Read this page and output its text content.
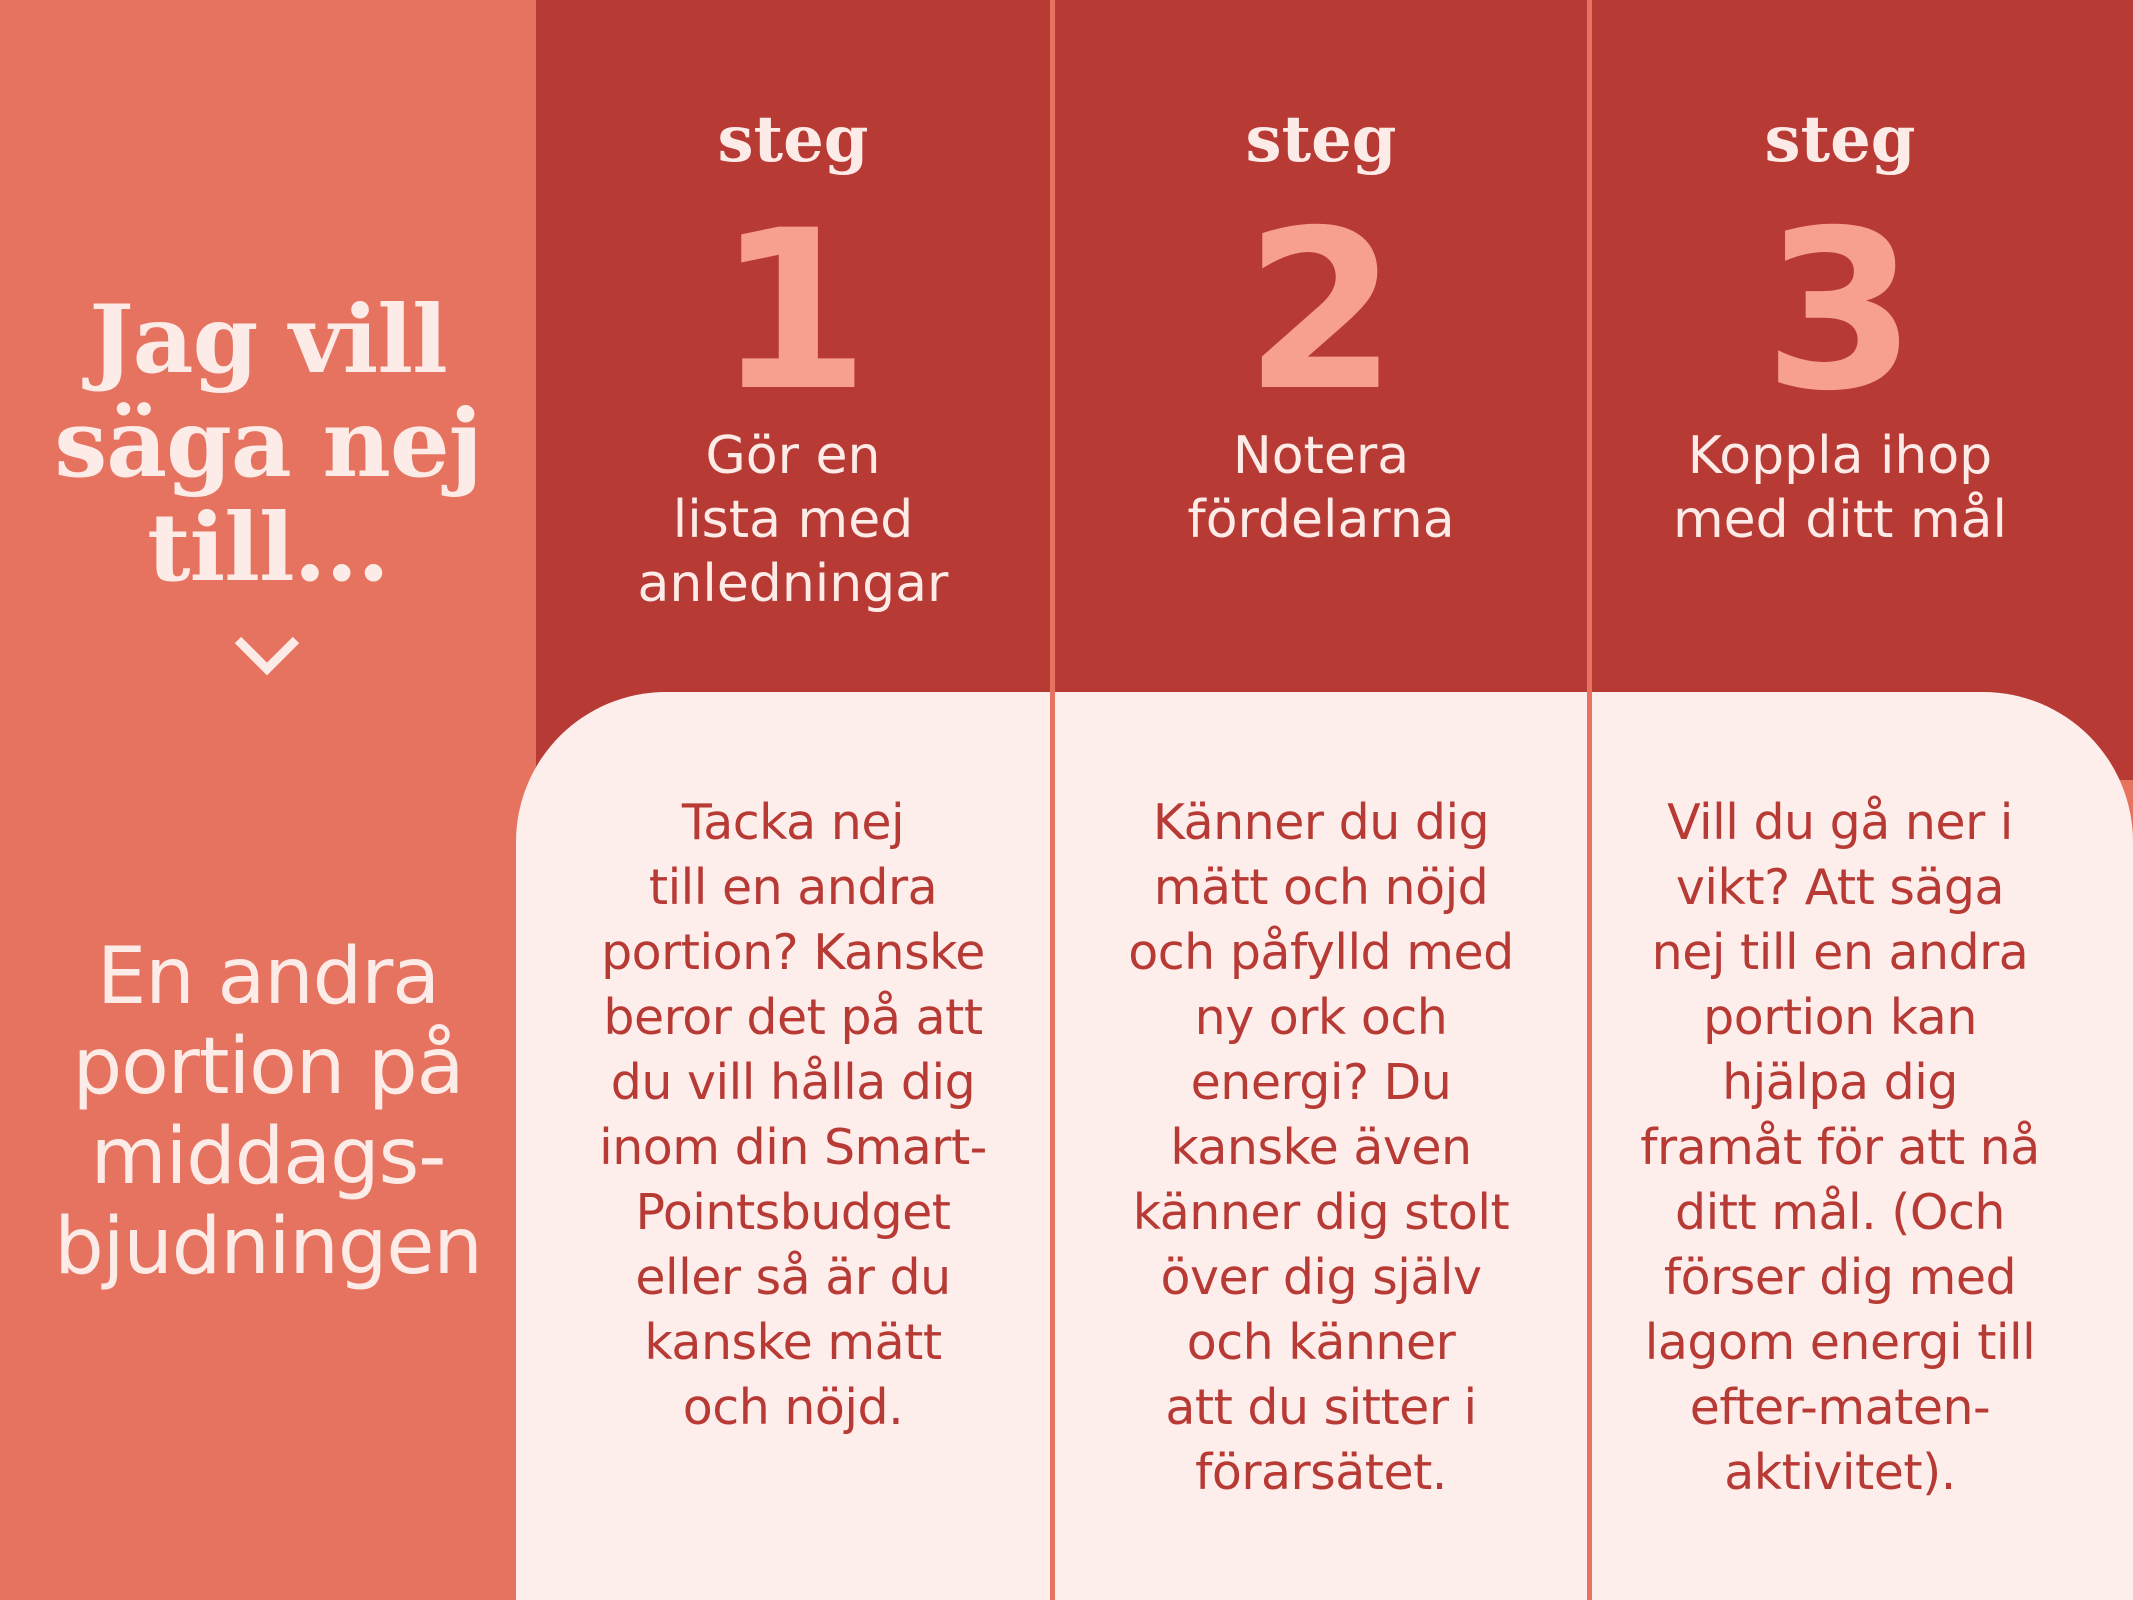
Jag vill
säga nej
till...
En andra
portion på
middags-
bjudningen
steg
1
Gör en
lista med
anledningar
steg
2
Notera
fördelarna
steg
3
Koppla ihop
med ditt mål
Tacka nej
till en andra
portion? Kanske
beror det på att
du vill hålla dig
inom din Smart-
Pointsbudget
eller så är du
kanske mätt
och nöjd.
Känner du dig
mätt och nöjd
och påfylld med
ny ork och
energi? Du
kanske även
känner dig stolt
över dig själv
och känner
att du sitter i
förarsätet.
Vill du gå ner i
vikt? Att säga
nej till en andra
portion kan
hjälpa dig
framåt för att nå
ditt mål. (Och
förser dig med
lagom energi till
efter-maten-
aktivitet).
